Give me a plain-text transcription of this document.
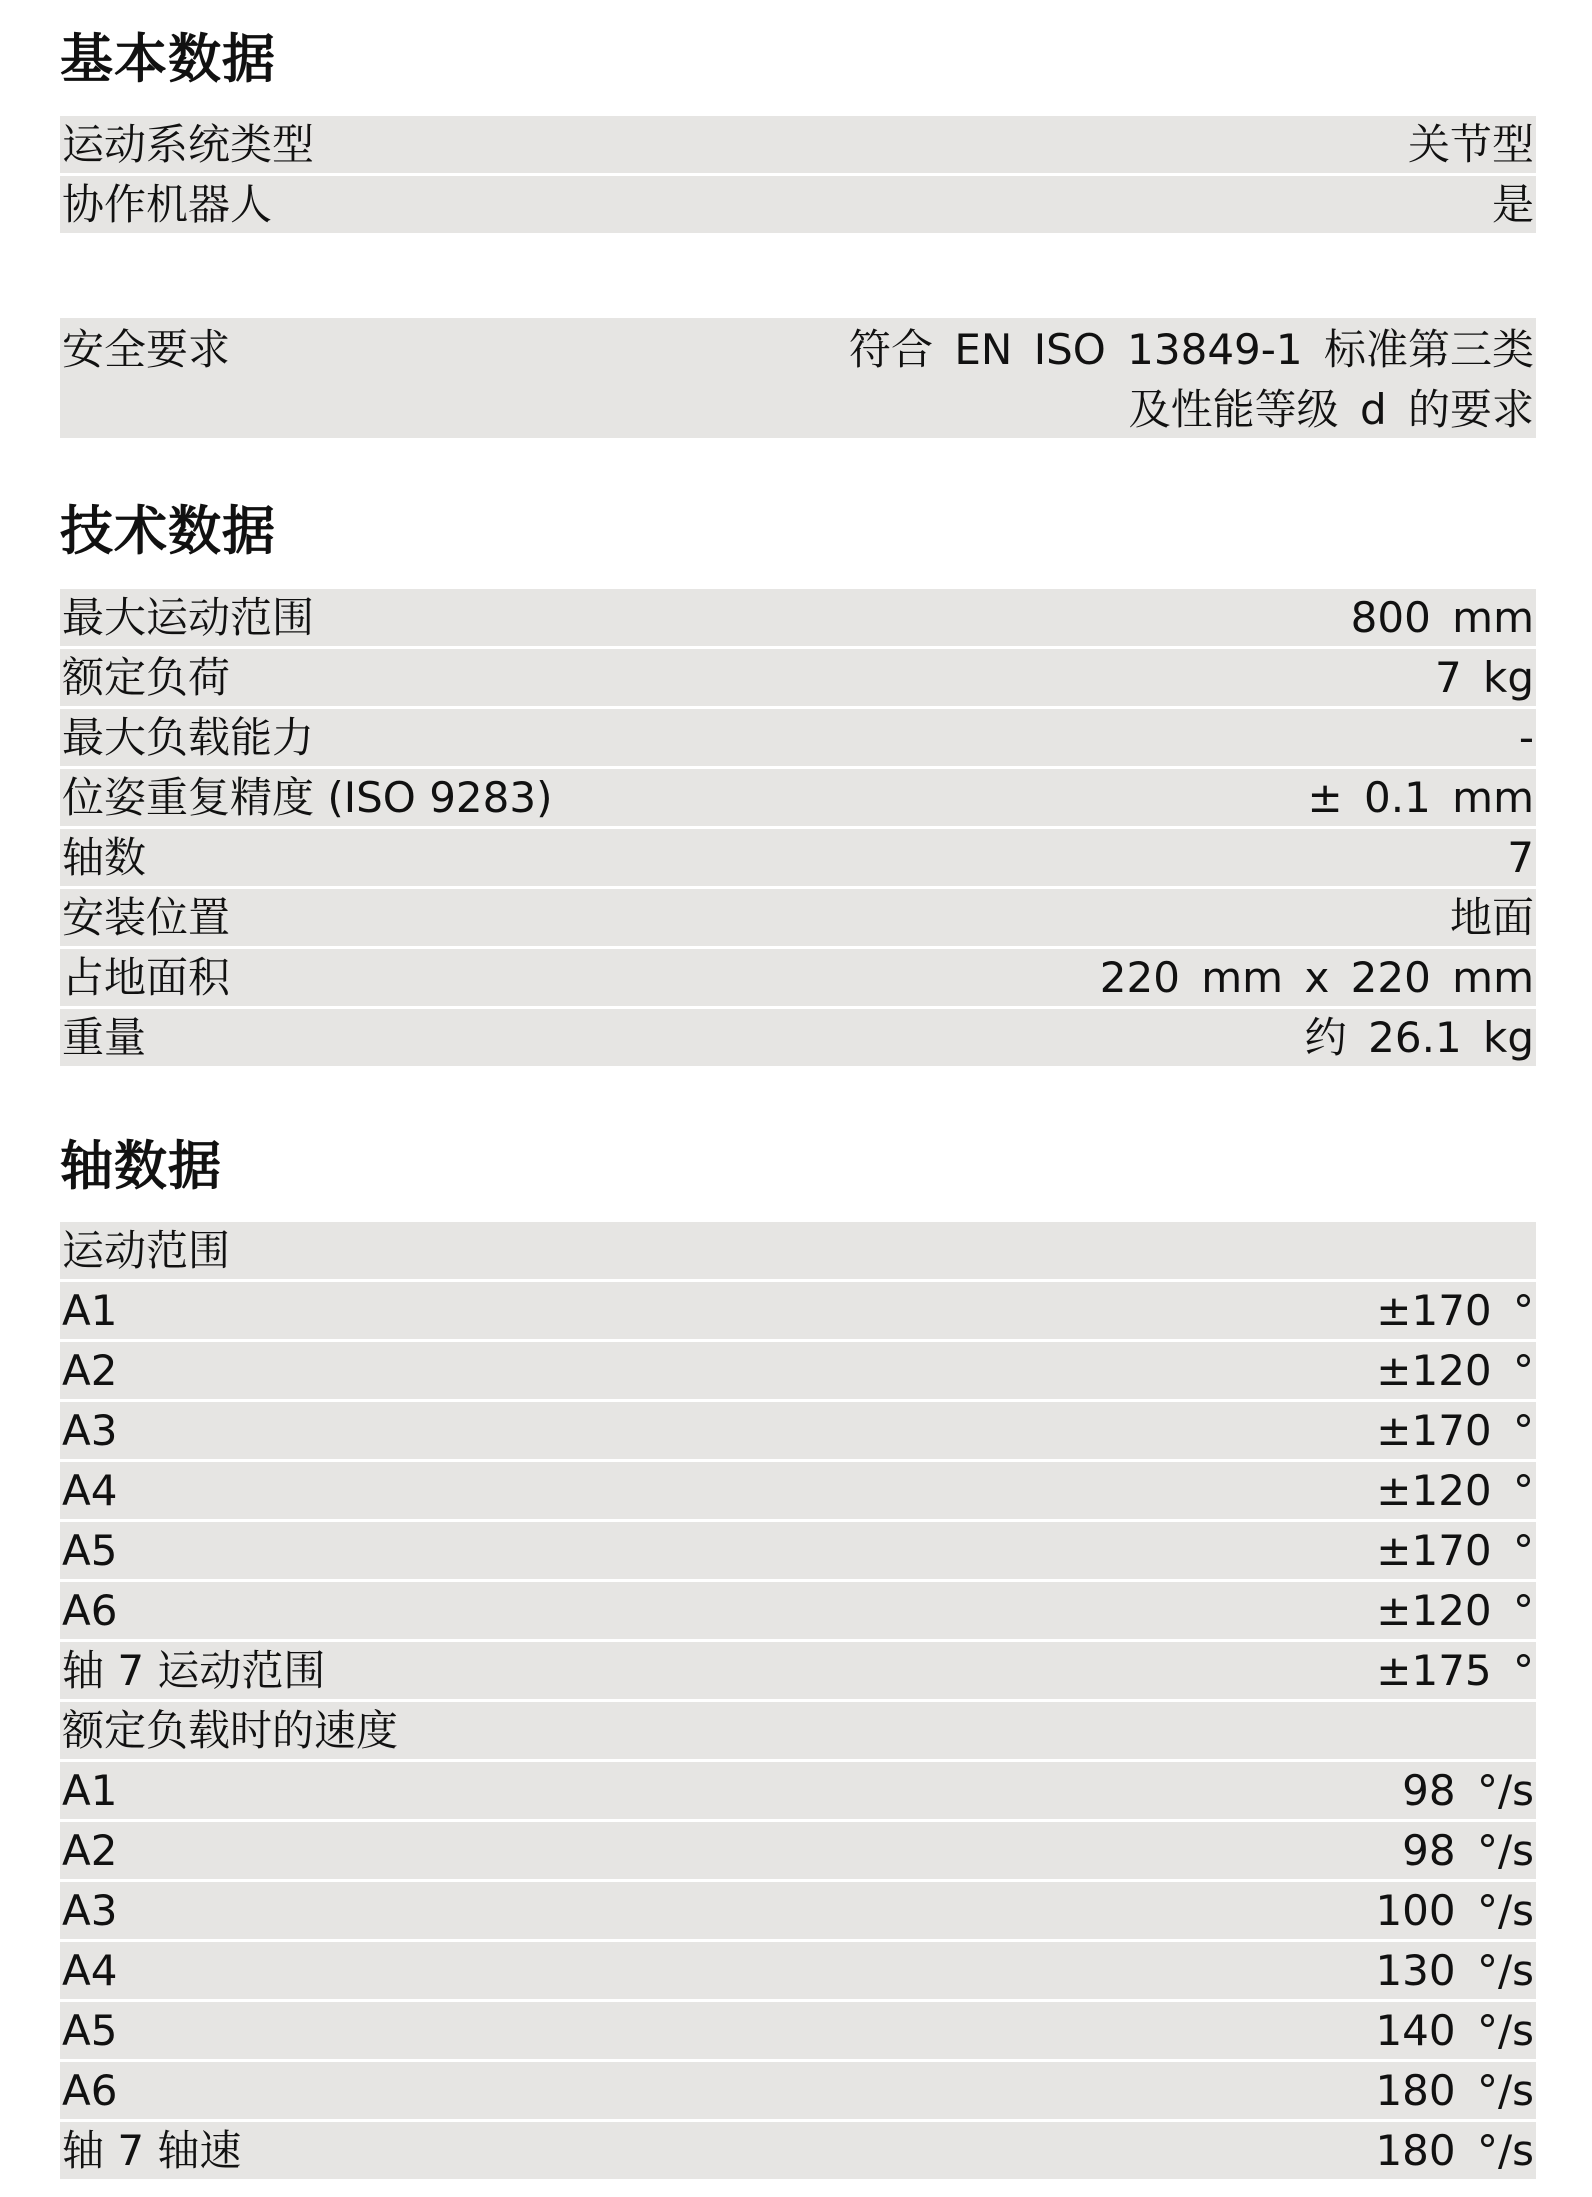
基本数据
运动系统类型	关节型
协作机器人	是
安全要求	符合 EN ISO 13849-1 标准第三类
及性能等级 d 的要求
技术数据
最大运动范围	800 mm
额定负荷	7 kg
最大负载能力	-
位姿重复精度 (ISO 9283)	± 0.1 mm
轴数	7
安装位置	地面
占地面积	220 mm x 220 mm
重量	约 26.1 kg
轴数据
运动范围
A1	±170 °
A2	±120 °
A3	±170 °
A4	±120 °
A5	±170 °
A6	±120 °
轴 7 运动范围	±175 °
额定负载时的速度
A1	98 °/s
A2	98 °/s
A3	100 °/s
A4	130 °/s
A5	140 °/s
A6	180 °/s
轴 7 轴速	180 °/s
